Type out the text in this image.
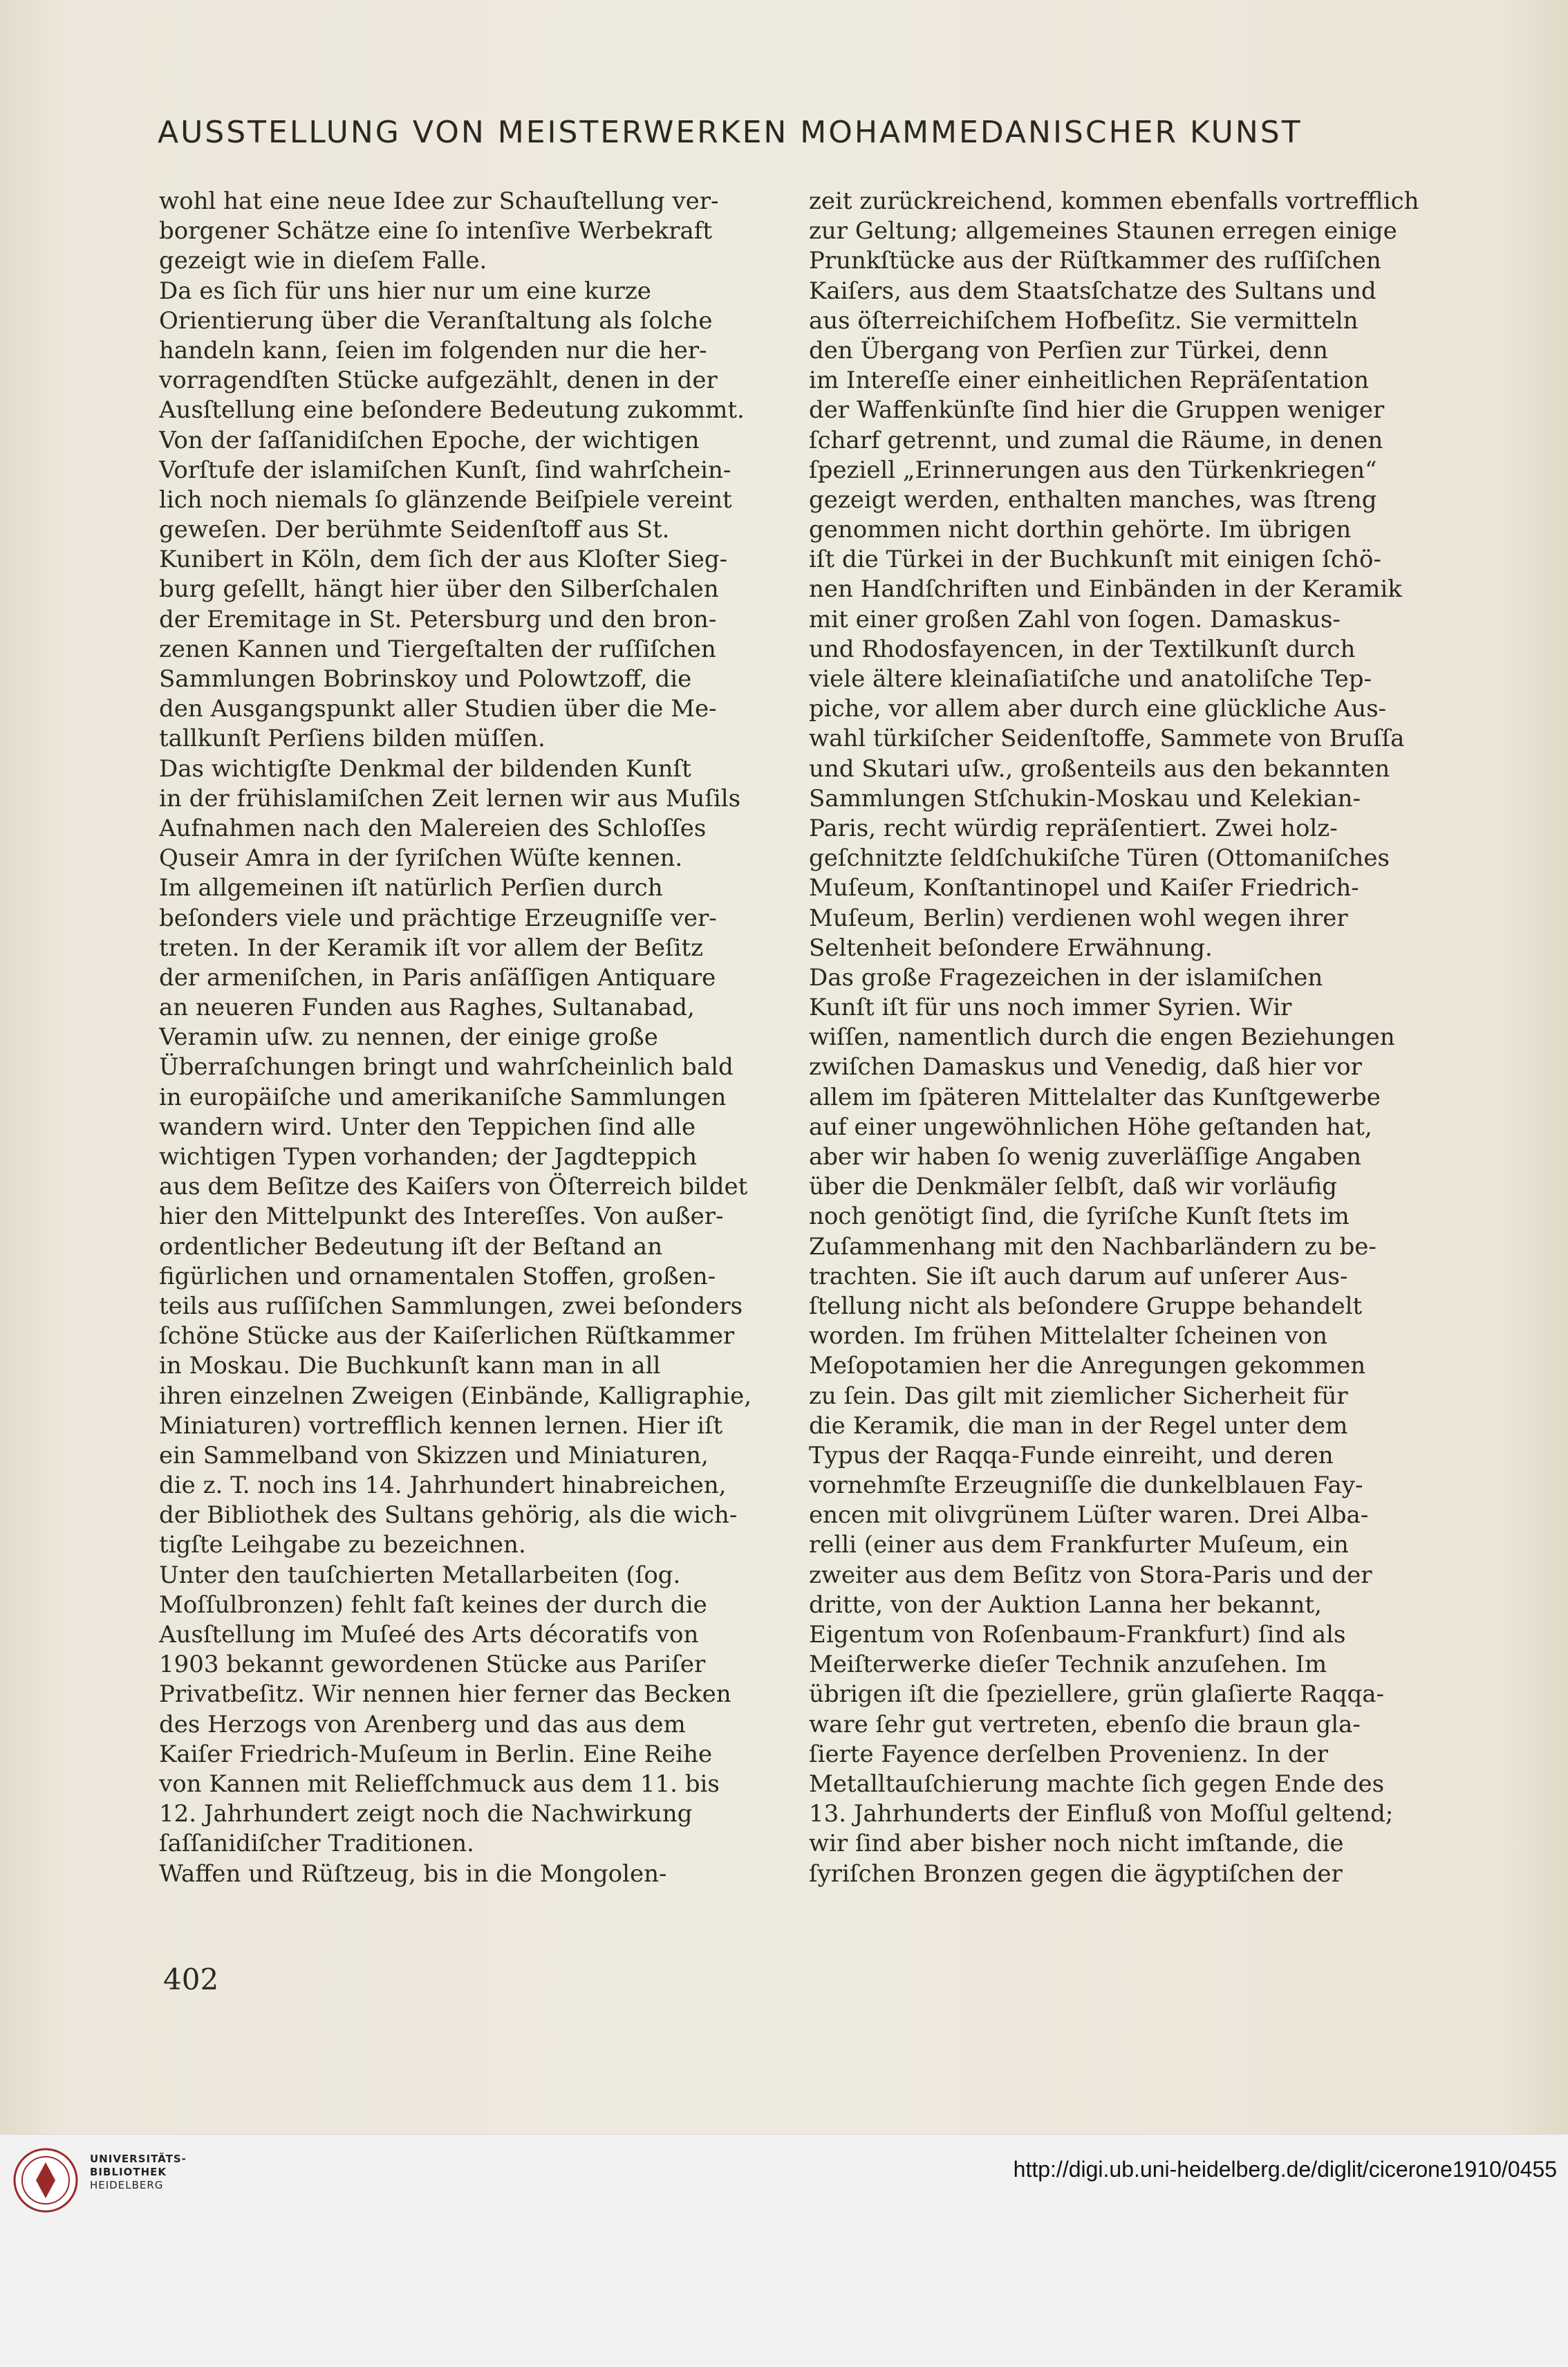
AUSSTELLUNG VON MEISTERWERKEN MOHAMMEDANISCHER KUNST
wohl hat eine neue Idee zur Schauſtellung ver-
borgener Schätze eine ſo intenſive Werbekraft
gezeigt wie in dieſem Falle.
Da es ſich für uns hier nur um eine kurze
Orientierung über die Veranſtaltung als ſolche
handeln kann, ſeien im folgenden nur die her-
vorragendſten Stücke aufgezählt, denen in der
Ausſtellung eine beſondere Bedeutung zukommt.
Von der ſaſſanidiſchen Epoche, der wichtigen
Vorſtufe der islamiſchen Kunſt, ſind wahrſchein-
lich noch niemals ſo glänzende Beiſpiele vereint
geweſen. Der berühmte Seidenſtoff aus St.
Kunibert in Köln, dem ſich der aus Kloſter Sieg-
burg geſellt, hängt hier über den Silberſchalen
der Eremitage in St. Petersburg und den bron-
zenen Kannen und Tiergeſtalten der ruſſiſchen
Sammlungen Bobrinskoy und Polowtzoff, die
den Ausgangspunkt aller Studien über die Me-
tallkunſt Perſiens bilden müſſen.
Das wichtigſte Denkmal der bildenden Kunſt
in der frühislamiſchen Zeit lernen wir aus Muſils
Aufnahmen nach den Malereien des Schloſſes
Quseir Amra in der ſyriſchen Wüſte kennen.
Im allgemeinen iſt natürlich Perſien durch
beſonders viele und prächtige Erzeugniſſe ver-
treten. In der Keramik iſt vor allem der Beſitz
der armeniſchen, in Paris anſäſſigen Antiquare
an neueren Funden aus Raghes, Sultanabad,
Veramin uſw. zu nennen, der einige große
Überraſchungen bringt und wahrſcheinlich bald
in europäiſche und amerikaniſche Sammlungen
wandern wird. Unter den Teppichen ſind alle
wichtigen Typen vorhanden; der Jagdteppich
aus dem Beſitze des Kaiſers von Öſterreich bildet
hier den Mittelpunkt des Intereſſes. Von außer-
ordentlicher Bedeutung iſt der Beſtand an
figürlichen und ornamentalen Stoffen, großen-
teils aus ruſſiſchen Sammlungen, zwei beſonders
ſchöne Stücke aus der Kaiſerlichen Rüſtkammer
in Moskau. Die Buchkunſt kann man in all
ihren einzelnen Zweigen (Einbände, Kalligraphie,
Miniaturen) vortrefflich kennen lernen. Hier iſt
ein Sammelband von Skizzen und Miniaturen,
die z. T. noch ins 14. Jahrhundert hinabreichen,
der Bibliothek des Sultans gehörig, als die wich-
tigſte Leihgabe zu bezeichnen.
Unter den tauſchierten Metallarbeiten (ſog.
Moſſulbronzen) fehlt faſt keines der durch die
Ausſtellung im Muſeé des Arts décoratifs von
1903 bekannt gewordenen Stücke aus Pariſer
Privatbeſitz. Wir nennen hier ferner das Becken
des Herzogs von Arenberg und das aus dem
Kaiſer Friedrich-Muſeum in Berlin. Eine Reihe
von Kannen mit Reliefſchmuck aus dem 11. bis
12. Jahrhundert zeigt noch die Nachwirkung
ſaſſanidiſcher Traditionen.
Waffen und Rüſtzeug, bis in die Mongolen-
zeit zurückreichend, kommen ebenfalls vortrefflich
zur Geltung; allgemeines Staunen erregen einige
Prunkſtücke aus der Rüſtkammer des ruſſiſchen
Kaiſers, aus dem Staatsſchatze des Sultans und
aus öſterreichiſchem Hofbeſitz. Sie vermitteln
den Übergang von Perſien zur Türkei, denn
im Intereſſe einer einheitlichen Repräſentation
der Waffenkünſte ſind hier die Gruppen weniger
ſcharf getrennt, und zumal die Räume, in denen
ſpeziell „Erinnerungen aus den Türkenkriegen“
gezeigt werden, enthalten manches, was ſtreng
genommen nicht dorthin gehörte. Im übrigen
iſt die Türkei in der Buchkunſt mit einigen ſchö-
nen Handſchriften und Einbänden in der Keramik
mit einer großen Zahl von ſogen. Damaskus-
und Rhodosfayencen, in der Textilkunſt durch
viele ältere kleinaſiatiſche und anatoliſche Tep-
piche, vor allem aber durch eine glückliche Aus-
wahl türkiſcher Seidenſtoffe, Sammete von Bruſſa
und Skutari uſw., großenteils aus den bekannten
Sammlungen Stſchukin-Moskau und Kelekian-
Paris, recht würdig repräſentiert. Zwei holz-
geſchnitzte ſeldſchukiſche Türen (Ottomaniſches
Muſeum, Konſtantinopel und Kaiſer Friedrich-
Muſeum, Berlin) verdienen wohl wegen ihrer
Seltenheit beſondere Erwähnung.
Das große Fragezeichen in der islamiſchen
Kunſt iſt für uns noch immer Syrien. Wir
wiſſen, namentlich durch die engen Beziehungen
zwiſchen Damaskus und Venedig, daß hier vor
allem im ſpäteren Mittelalter das Kunſtgewerbe
auf einer ungewöhnlichen Höhe geſtanden hat,
aber wir haben ſo wenig zuverläſſige Angaben
über die Denkmäler ſelbſt, daß wir vorläufig
noch genötigt ſind, die ſyriſche Kunſt ſtets im
Zuſammenhang mit den Nachbarländern zu be-
trachten. Sie iſt auch darum auf unſerer Aus-
ſtellung nicht als beſondere Gruppe behandelt
worden. Im frühen Mittelalter ſcheinen von
Meſopotamien her die Anregungen gekommen
zu ſein. Das gilt mit ziemlicher Sicherheit für
die Keramik, die man in der Regel unter dem
Typus der Raqqa-Funde einreiht, und deren
vornehmſte Erzeugniſſe die dunkelblauen Fay-
encen mit olivgrünem Lüſter waren. Drei Alba-
relli (einer aus dem Frankfurter Muſeum, ein
zweiter aus dem Beſitz von Stora-Paris und der
dritte, von der Auktion Lanna her bekannt,
Eigentum von Roſenbaum-Frankfurt) ſind als
Meiſterwerke dieſer Technik anzuſehen. Im
übrigen iſt die ſpeziellere, grün glaſierte Raqqa-
ware ſehr gut vertreten, ebenſo die braun gla-
ſierte Fayence derſelben Provenienz. In der
Metalltauſchierung machte ſich gegen Ende des
13. Jahrhunderts der Einfluß von Moſſul geltend;
wir ſind aber bisher noch nicht imſtande, die
ſyriſchen Bronzen gegen die ägyptiſchen der
402
UNIVERSITÄTS-
BIBLIOTHEK
HEIDELBERG
http://digi.ub.uni-heidelberg.de/diglit/cicerone1910/0455
